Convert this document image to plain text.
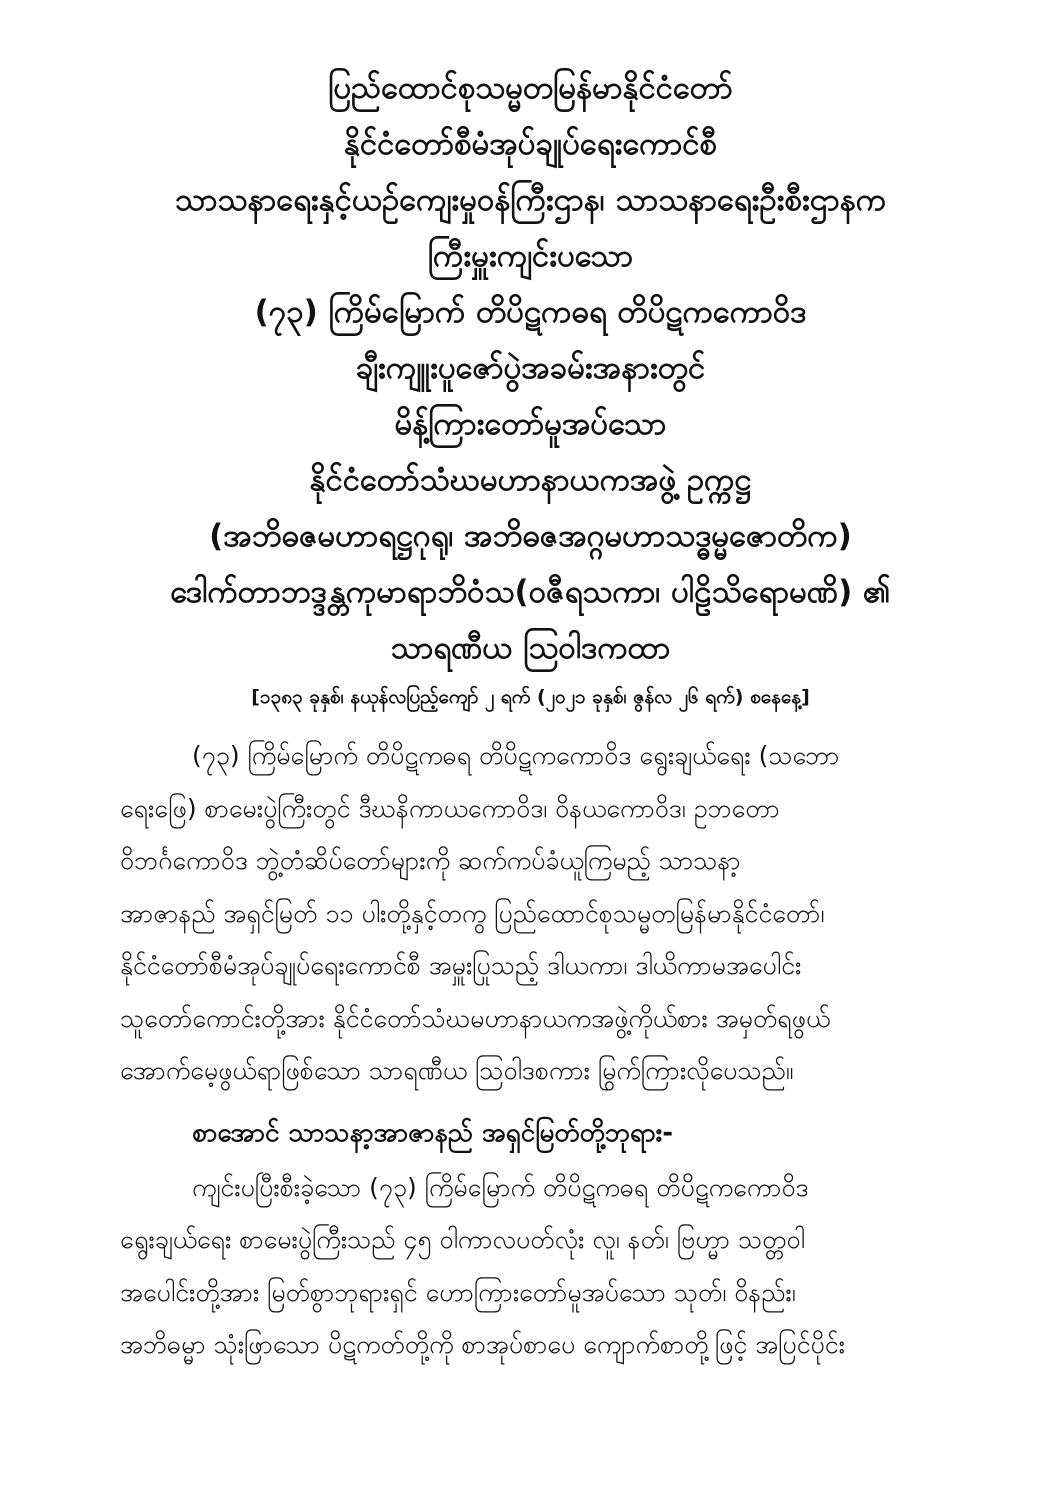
ပြည်ထောင်စုသမ္မတမြန်မာနိုင်ငံတော်
နိုင်ငံတော်စီမံအုပ်ချုပ်ရေးကောင်စီ
သာသနာရေးနှင့်ယဉ်ကျေးမှုဝန်ကြီးဌာန၊ သာသနာရေးဦးစီးဌာနက
ကြီးမှူးကျင်းပသော
(၇၃) ကြိမ်မြောက် တိပိဋကဓရ တိပိဋကကောဝိဒ
ချီးကျူးပူဇော်ပွဲအခမ်းအနားတွင်
မိန့်ကြားတော်မူအပ်သော
နိုင်ငံတော်သံဃမဟာနာယကအဖွဲ့ ဥက္ကဋ္ဌ
(အဘိဓဇမဟာရဋ္ဌဂုရု၊ အဘိဓဇအဂ္ဂမဟာသဒ္ဓမ္မဇောတိက)
ဒေါက်တာဘဒ္ဒန္တကုမာရာဘိဝံသ(ဝဇီရသကာ၊ ပါဠိသိရောမဏိ) ၏
သာရဏီယ ဩဝါဒကထာ
[၁၃၈၃ ခုနှစ်၊ နယုန်လပြည့်ကျော် ၂ ရက် (၂၀၂၁ ခုနှစ်၊ ဇွန်လ ၂၆ ရက်) စနေနေ့]
(၇၃) ကြိမ်မြောက် တိပိဋကဓရ တိပိဋကကောဝိဒ ရွေးချယ်ရေး (သဘော
ရေးဖြေ) စာမေးပွဲကြီးတွင် ဒီဃနိကာယကောဝိဒ၊ ဝိနယကောဝိဒ၊ ဥဘတော
ဝိဘင်္ဂကောဝိဒ ဘွဲ့တံဆိပ်တော်များကို ဆက်ကပ်ခံယူကြမည့် သာသနာ့
အာဇာနည် အရှင်မြတ် ၁၁ ပါးတို့နှင့်တကွ ပြည်ထောင်စုသမ္မတမြန်မာနိုင်ငံတော်၊
နိုင်ငံတော်စီမံအုပ်ချုပ်ရေးကောင်စီ အမှူးပြုသည့် ဒါယကာ၊ ဒါယိကာမအပေါင်း
သူတော်ကောင်းတို့အား နိုင်ငံတော်သံဃမဟာနာယကအဖွဲ့ကိုယ်စား အမှတ်ရဖွယ်
အောက်မေ့ဖွယ်ရာဖြစ်သော သာရဏီယ ဩဝါဒစကား မြွက်ကြားလိုပေသည်။
စာအောင် သာသနာ့အာဇာနည် အရှင်မြတ်တို့ဘုရား-
ကျင်းပပြီးစီးခဲ့သော (၇၃) ကြိမ်မြောက် တိပိဋကဓရ တိပိဋကကောဝိဒ
ရွေးချယ်ရေး စာမေးပွဲကြီးသည် ၄၅ ဝါကာလပတ်လုံး လူ၊ နတ်၊ ဗြဟ္မာ သတ္တဝါ
အပေါင်းတို့အား မြတ်စွာဘုရားရှင် ဟောကြားတော်မူအပ်သော သုတ်၊ ဝိနည်း၊
အဘိဓမ္မာ သုံးဖြာသော ပိဋကတ်တို့ကို စာအုပ်စာပေ ကျောက်စာတို့ဖြင့် အပြင်ပိုင်း
